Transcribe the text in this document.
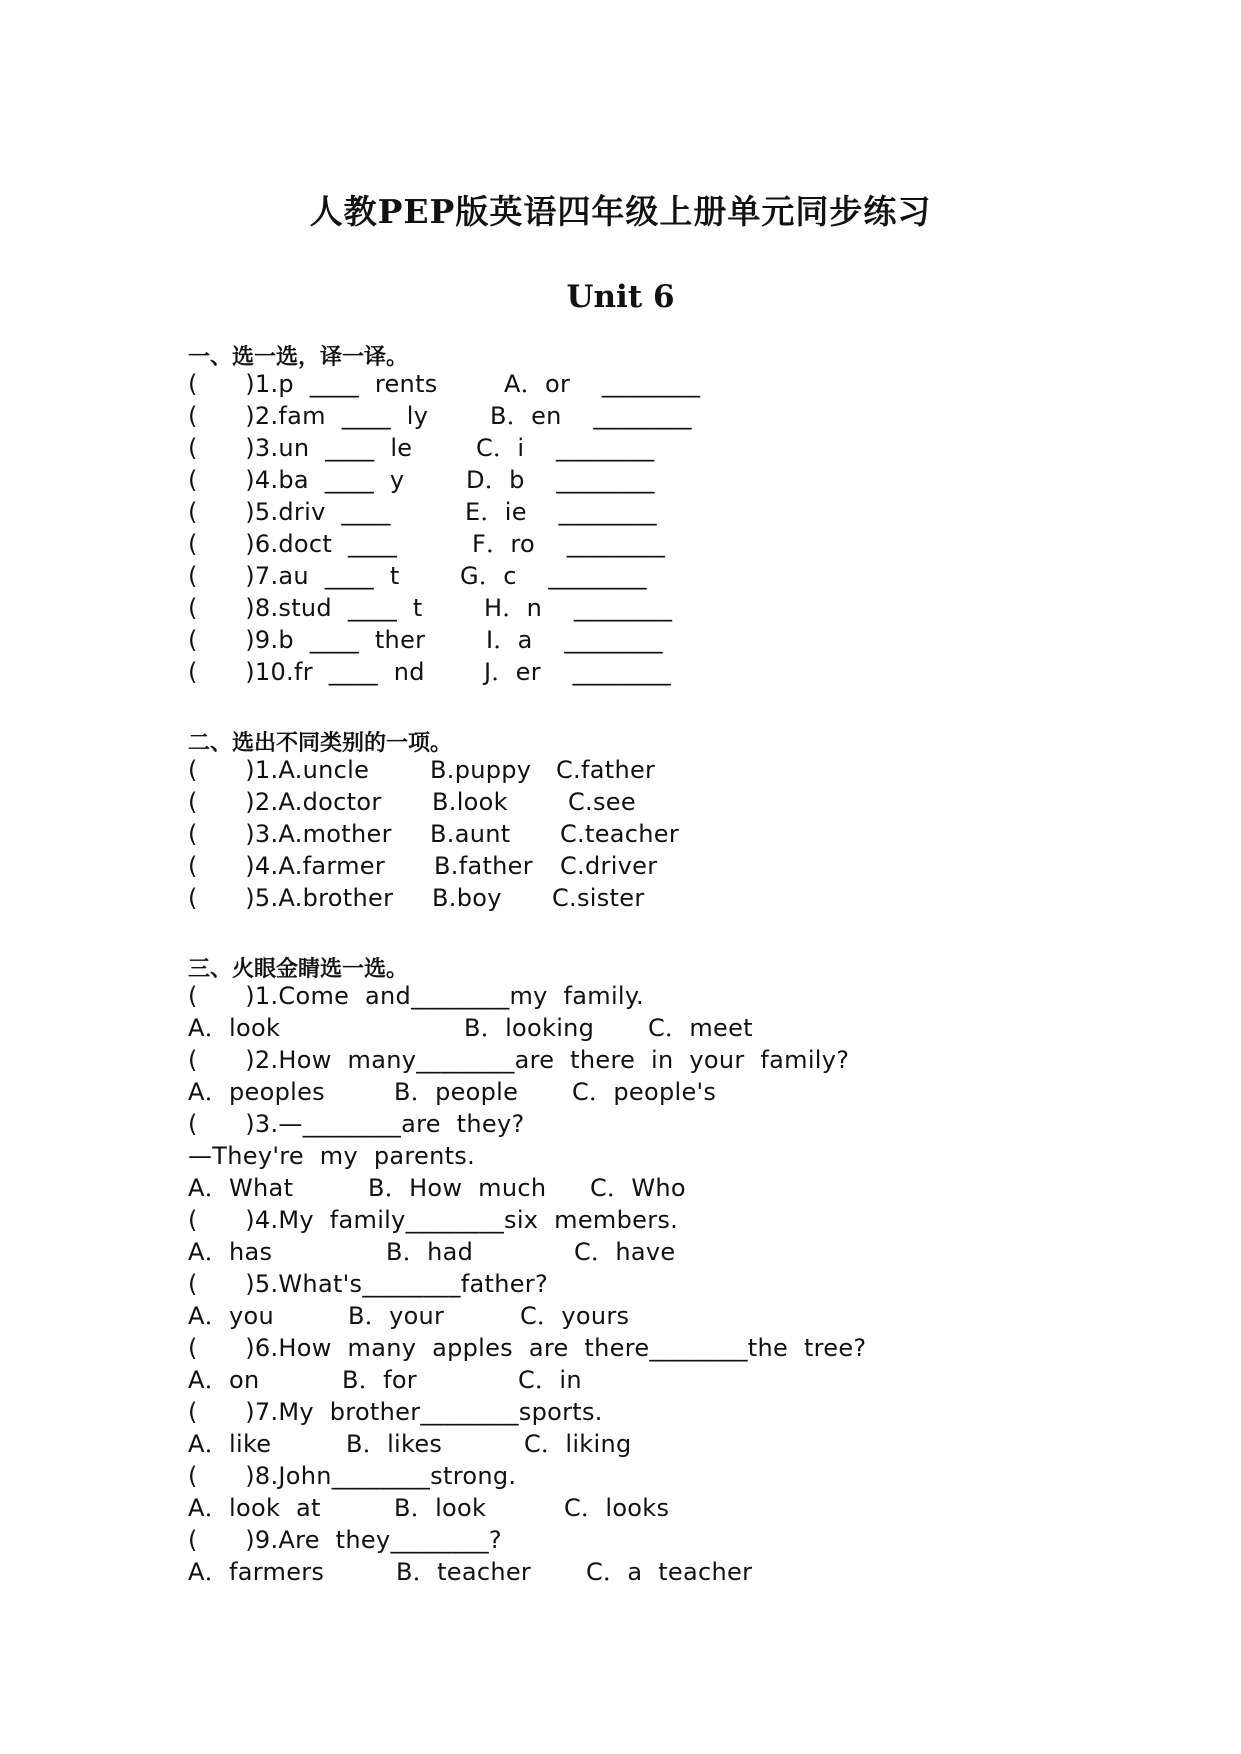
人教PEP版英语四年级上册单元同步练习
Unit 6
一、选一选，译一译。
(      )1.p  ____  rents	A．or    ________
(      )2.fam  ____  ly	B．en    ________
(      )3.un  ____  le	C．i    ________
(      )4.ba  ____  y	D．b    ________
(      )5.driv  ____	E．ie    ________
(      )6.doct  ____	F．ro    ________
(      )7.au  ____  t	G．c    ________
(      )8.stud  ____  t	H．n    ________
(      )9.b  ____  ther	I．a    ________
(      )10.fr  ____  nd J．er    ________
二、选出不同类别的一项。
(      )1.A.uncle	B.puppy C.father
(      )2.A.doctor B.look	C.see
(      )3.A.mother B.aunt C.teacher
(      )4.A.farmer B.father C.driver
(      )5.A.brother B.boy C.sister
三、火眼金睛选一选。
(      )1.Come  and________my  family.
A．look	B．looking C．meet
(      )2.How  many________are  there  in  your  family?
A．peoples	B．people C．people's
(      )3.—________are  they?
—They're  my  parents.
A．What	B．How  much C．Who
(      )4.My  family________six  members.
A．has	B．had	C．have
(      )5.What's________father?
A．you	B．your	C．yours
(      )6.How  many  apples  are  there________the  tree?
A．on	B．for	C．in
(      )7.My  brother________sports.
A．like	B．likes	C．liking
(      )8.John________strong.
A．look  at	B．look	C．looks
(      )9.Are  they________?
A．farmers	B．teacher C．a  teacher
